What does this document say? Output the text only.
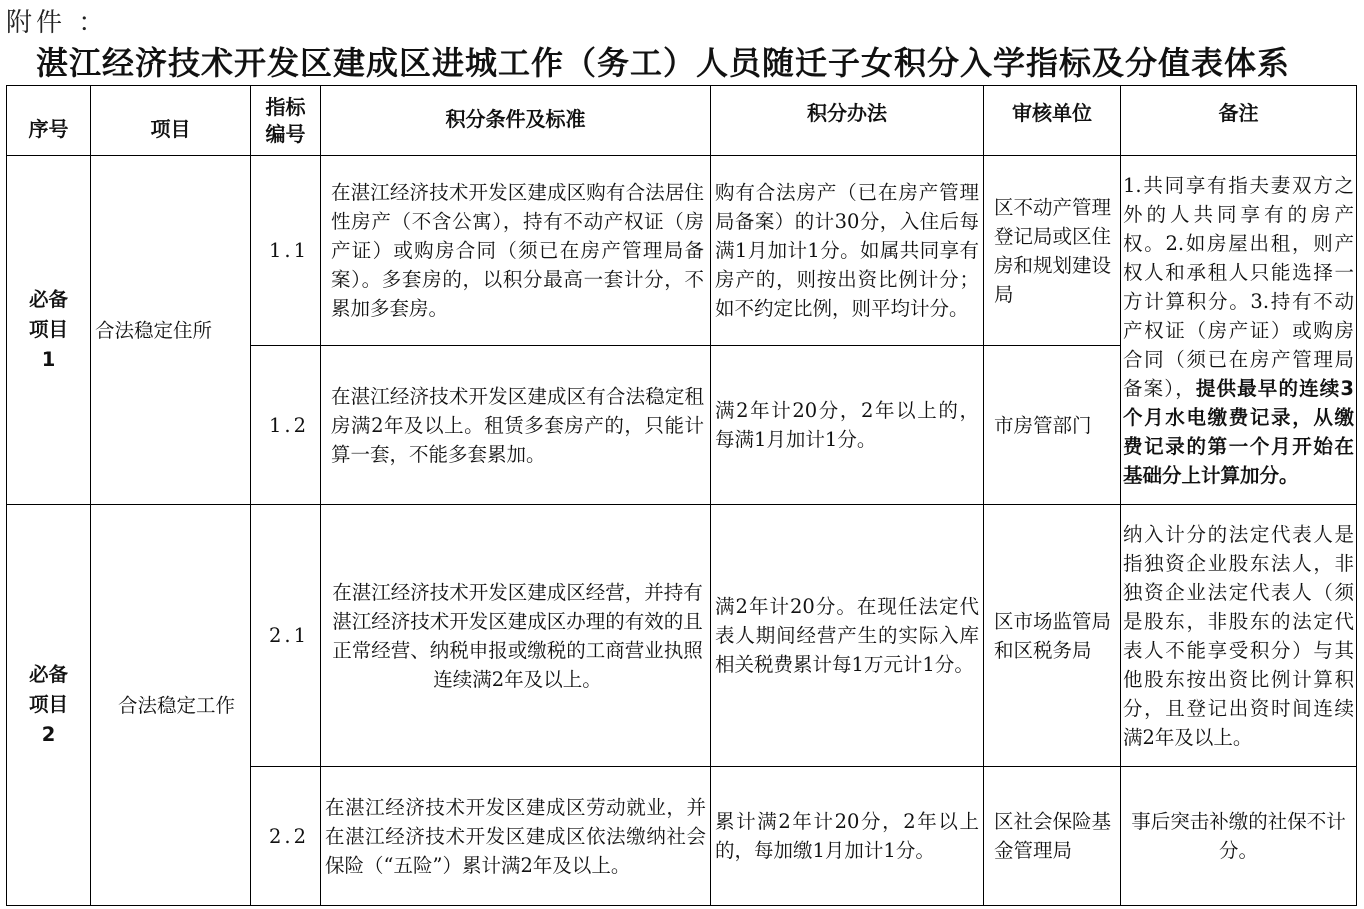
附件 ：
湛江经济技术开发区建成区进城工作（务工）人员随迁子女积分入学指标及分值表体系
序号	项目	指标编号	积分条件及标准	积分办法	审核单位	备注
必备项目1	合法稳定住所	1.1	在湛江经济技术开发区建成区购有合法居住性房产（不含公寓），持有不动产权证（房产证）或购房合同（须已在房产管理局备案）。多套房的，以积分最高一套计分，不累加多套房。	购有合法房产（已在房产管理局备案）的计30分，入住后每满1月加计1分。如属共同享有房产的，则按出资比例计分；如不约定比例，则平均计分。	区不动产管理登记局或区住房和规划建设局	1.共同享有指夫妻双方之外的人共同享有的房产权。2.如房屋出租，则产权人和承租人只能选择一方计算积分。3.持有不动产权证（房产证）或购房合同（须已在房产管理局备案），提供最早的连续3个月水电缴费记录，从缴费记录的第一个月开始在基础分上计算加分。
		1.2	在湛江经济技术开发区建成区有合法稳定租房满2年及以上。租赁多套房产的，只能计算一套，不能多套累加。	满2年计20分，2年以上的，每满1月加计1分。	市房管部门	
必备项目2	合法稳定工作	2.1	在湛江经济技术开发区建成区经营，并持有湛江经济技术开发区建成区办理的有效的且正常经营、纳税申报或缴税的工商营业执照连续满2年及以上。	满2年计20分。在现任法定代表人期间经营产生的实际入库相关税费累计每1万元计1分。	区市场监管局和区税务局	纳入计分的法定代表人是指独资企业股东法人，非独资企业法定代表人（须是股东，非股东的法定代表人不能享受积分）与其他股东按出资比例计算积分，且登记出资时间连续满2年及以上。
		2.2	在湛江经济技术开发区建成区劳动就业，并在湛江经济技术开发区建成区依法缴纳社会保险（“五险”）累计满2年及以上。	累计满2年计20分，2年以上的，每加缴1月加计1分。	区社会保险基金管理局	事后突击补缴的社保不计分。
